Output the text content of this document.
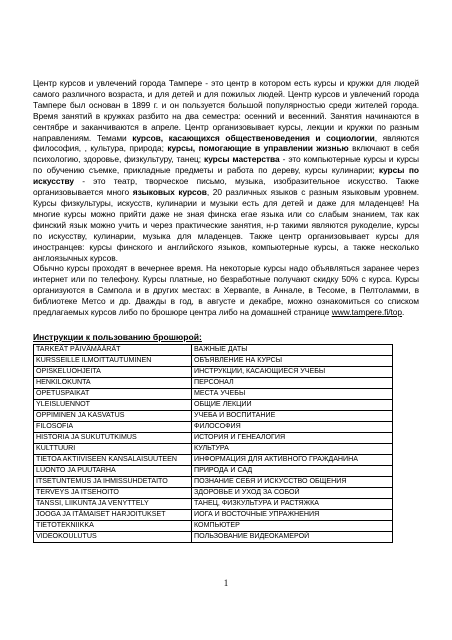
Центр курсов и увлечений города Тампере - это центр в котором есть курсы и кружки для людей самого различного возраста, и для детей и для пожилых людей. Центр курсов и увлечений города Тампере был основан в 1899 г. и он пользуется большой популярностью среди жителей города. Время занятий в кружках разбито на два семестра: осенний и весенний. Занятия начинаются в сентябре и заканчиваются в апреле. Центр организовывает курсы, лекции и кружки по разным направлениям. Темами курсов, касающихся общественоведения и социологии, являются философия, , культура, природа; курсы, помогающие в управлении жизнью включают в себя психологию, здоровье, физкультуру, танец; курсы мастерства - это компьютерные курсы и курсы по обучению съемке, прикладные предметы и работа по дереву, курсы кулинарии; курсы по искусству - это театр, творческое письмо, музыка, изобразительное искусство. Также организовывается много языковых курсов, 20 различных языков с разным языковым уровнем. Курсы физкультуры, искусств, кулинарии и музыки есть для детей и даже для младенцев! На многие курсы можно прийти даже не зная финска егае языка или со слабым знанием, так как финский язык можно учить и через практические занятия, н-р такими являются рукоделие, курсы по искусству, кулинарии, музыка для младенцев. Также центр организовывает курсы для иностранцев: курсы финского и английского языков, компьютерные курсы, а также несколько англоязычных курсов.

Обычно курсы проходят в вечернее время. На некоторые курсы надо объявляться заранее через интернет или по телефону. Курсы платные, но безработные получают скидку 50% с курса. Курсы организуются в Сампола и в других местах: в Хервante, в Аннале, в Тесоме, в Пелтоламми, в библиотеке Метсо и др. Дважды в год, в августе и декабре, можно ознакомиться со списком предлагаемых курсов либо по брошюре центра либо на домашней странице www.tampere.fi/top.

Инструкции к пользованию брошюрой:
TARKEÄT PÄIVÄMÄÄRÄT	ВАЖНЫЕ ДАТЫ
KURSSEILLE ILMOITTAUTUMINEN	ОБЪЯВЛЕНИЕ НА КУРСЫ
OPISKELUOHJEITA	ИНСТРУКЦИИ, КАСАЮЩИЕСЯ УЧЕБЫ
HENKILÖKUNTA	ПЕРСОНАЛ
OPETUSPAIKAT	МЕСТА УЧЕБЫ
YLEISLUENNOT	ОБЩИЕ ЛЕКЦИИ
OPPIMINEN JA KASVATUS	УЧЕБА И ВОСПИТАНИЕ
FILOSOFIA	ФИЛОСОФИЯ
HISTORIA JA SUKUTUTKIMUS	ИСТОРИЯ И ГЕНЕАЛОГИЯ
KULTTUURI	КУЛЬТУРА
TIETOA AKTIIVISEEN KANSALAISUUTEEN	ИНФОРМАЦИЯ ДЛЯ АКТИВНОГО ГРАЖДАНИНА
LUONTO JA PUUTARHA	ПРИРОДА И САД
ITSETUNTEMUS JA IHMISSUHDETAITO	ПОЗНАНИЕ СЕБЯ И ИСКУССТВО ОБЩЕНИЯ
TERVEYS JA ITSEHOITO	ЗДОРОВЬЕ И УХОД ЗА СОБОЙ
TANSSI, LIIKUNTA JA VENYTTELY	ТАНЕЦ, ФИЗКУЛЬТУРА И РАСТЯЖКА
JOOGA JA ITÄMAISET HARJOITUKSET	ИОГА И ВОСТОЧНЫЕ УПРАЖНЕНИЯ
TIETOTEKNIIKKA	КОМПЬЮТЕР
VIDEOKOULUTUS	ПОЛЬЗОВАНИЕ ВИДЕОКАМЕРОЙ
1
